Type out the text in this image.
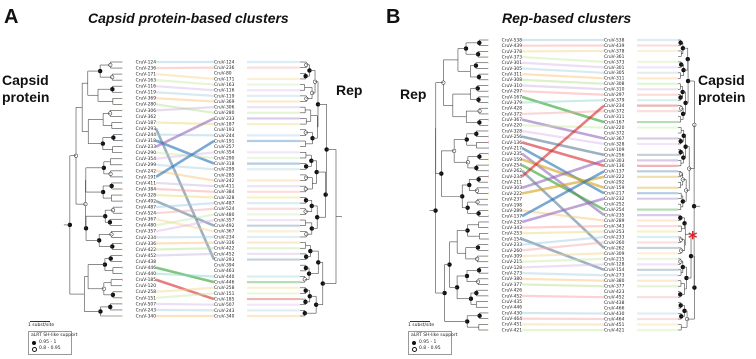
A	Capsid protein-based clusters
Capsid
protein	Rep
B	Rep-based clusters
Rep
Capsid
protein
CruV-124
CruV-236
CruV-171
CruV-163
CruV-116
CruV-119
CruV-369
CruV-280
CruV-306
CruV-362
CruV-187
CruV-293
CruV-244
CruV-318
CruV-233
CruV-290
CruV-354
CruV-299
CruV-242
CruV-191
CruV-411
CruV-384
CruV-328
CruV-492
CruV-487
CruV-524
CruV-367
CruV-480
CruV-357
CruV-234
CruV-336
CruV-422
CruV-452
CruV-438
CruV-446
CruV-440
CruV-185
CruV-120
CruV-258
CruV-151
CruV-507
CruV-243
CruV-340
CruV-124
CruV-236
CruV-80
CruV-171
CruV-163
CruV-116
CruV-119
CruV-369
CruV-306
CruV-280
CruV-233
CruV-187
CruV-193
CruV-244
CruV-191
CruV-257
CruV-354
CruV-290
CruV-318
CruV-299
CruV-285
CruV-242
CruV-411
CruV-384
CruV-328
CruV-487
CruV-524
CruV-480
CruV-357
CruV-492
CruV-367
CruV-234
CruV-336
CruV-422
CruV-452
CruV-293
CruV-394
CruV-463
CruV-440
CruV-446
CruV-258
CruV-151
CruV-185
CruV-507
CruV-243
CruV-340
CruV-538
CruV-439
CruV-378
CruV-373
CruV-301
CruV-305
CruV-311
CruV-308
CruV-310
CruV-297
CruV-167
CruV-379
CruV-428
CruV-372
CruV-367
CruV-220
CruV-328
CruV-256
CruV-136
CruV-217
CruV-235
CruV-159
CruV-254
CruV-262
CruV-234
CruV-211
CruV-303
CruV-222
CruV-237
CruV-198
CruV-289
CruV-137
CruV-232
CruV-343
CruV-253
CruV-154
CruV-233
CruV-260
CruV-309
CruV-215
CruV-128
CruV-273
CruV-380
CruV-377
CruV-426
CruV-452
CruV-435
CruV-446
CruV-430
CruV-464
CruV-451
CruV-421
CruV-538
CruV-439
CruV-378
CruV-361
CruV-373
CruV-301
CruV-305
CruV-311
CruV-308
CruV-310
CruV-297
CruV-379
CruV-234
CruV-372
CruV-311
CruV-167
CruV-220
CruV-372
CruV-367
CruV-328
CruV-109
CruV-256
CruV-303
CruV-136
CruV-137
CruV-222
CruV-292
CruV-159
CruV-217
CruV-232
CruV-252
CruV-254
CruV-235
CruV-289
CruV-343
CruV-253
CruV-233
CruV-260
CruV-262
CruV-309
CruV-215
CruV-128
CruV-154
CruV-273
CruV-380
CruV-377
CruV-423
CruV-452
CruV-438
CruV-466
CruV-430
CruV-464
CruV-451
CruV-421
*
1 subst/site
aLRT SH-like support
0.95 - 1
0.8 - 0.95
1 subst/site
aLRT SH-like support
0.95 - 1
0.8 - 0.95
